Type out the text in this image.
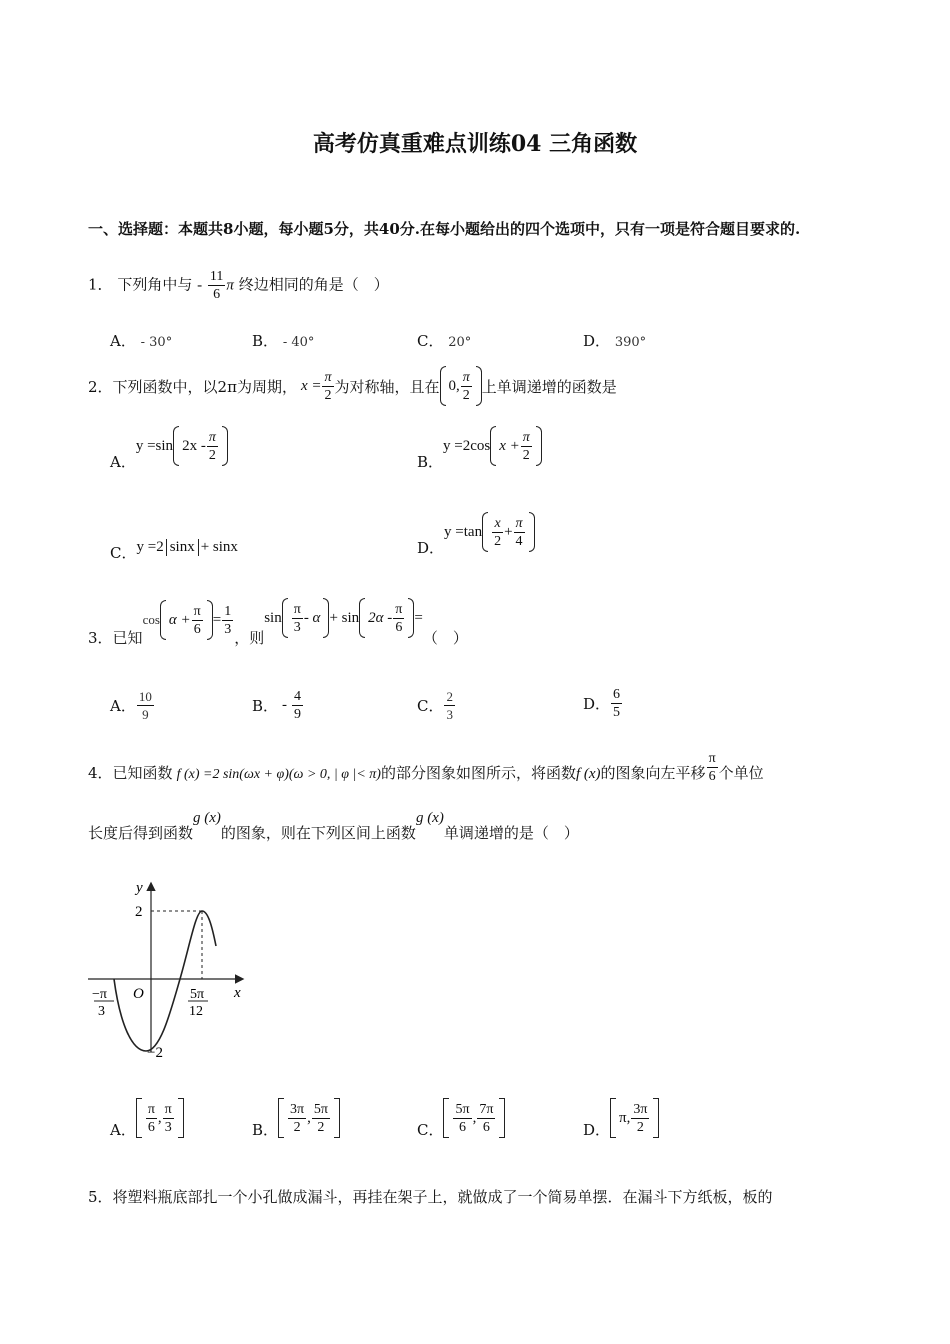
高考仿真重难点训练04 三角函数
一、选择题：本题共8小题，每小题5分，共40分.在每小题给出的四个选项中，只有一项是符合题目要求的.
1． 下列角中与 - $\frac{11}{6}$ π 终边相同的角是（　）
A． - 30°	B． - 40°	C． 20°	D． 390°
2． 下列函数中，以2π为周期， $x = \frac{\pi}{2}$ 为对称轴，且在 0, $\frac{\pi}{2}$ 上单调递增的函数是
A．
y =sin $2x - \frac{\pi}{2}$	B．
y =2cos $x + \frac{\pi}{2}$
C． y =2 sinx + sinx	D．
$y =\tan \frac{x}{2} + \frac{\pi}{4}$
3． 已知
$\cos \alpha + \frac{\pi}{6} = \frac{1}{3}$
，则
$\sin \frac{\pi}{3} - \alpha + \sin 2\alpha - \frac{\pi}{6}$ =
（　）
A． $\frac{10}{9}$	B． - $\frac{4}{9}$	C． $\frac{2}{3}$	D． $\frac{6}{5}$
4． 已知函数 f (x) =2 sin(ωx + φ)(ω > 0, | φ |< π) 的部分图象如图所示，将函数 f (x) 的图象向左平移 $\frac{\pi}{6}$ 个单位
长度后得到函数
g (x)
的图象，则在下列区间上函数
g (x)
单调递增的是（　）
y
x
O
2
−2
−π
3
5π
12
A． $\frac{\pi}{6}$ , $\frac{\pi}{3}$	B． $\frac{3\pi}{2}$ , $\frac{5\pi}{2}$	C． $\frac{5\pi}{6}$ , $\frac{7\pi}{6}$	D．
π, $\frac{3\pi}{2}$
5．将塑料瓶底部扎一个小孔做成漏斗，再挂在架子上，就做成了一个简易单摆．在漏斗下方纸板，板的
